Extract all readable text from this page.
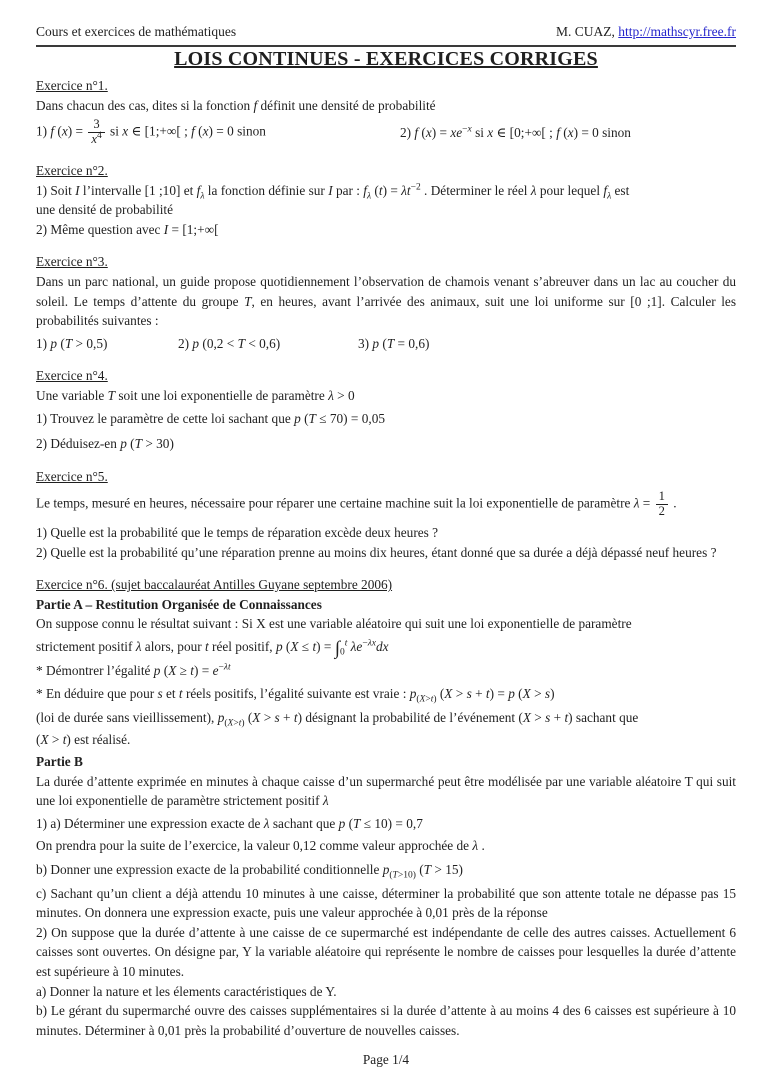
Cours et exercices de mathématiques	M. CUAZ, http://mathscyr.free.fr
LOIS CONTINUES - EXERCICES CORRIGES
Exercice n°1.
Dans chacun des cas, dites si la fonction f définit une densité de probabilité
1) f $(x) = \frac{3}{x^4}$ si x ∈ [1;+∞[ ; f (x) = 0 sinon	2) f $(x) = xe^{-x}$ si x ∈ [0;+∞[ ; f (x) = 0 sinon
Exercice n°2.
1) Soit I l’intervalle [1 ;10] et $f_\lambda$ la fonction définie sur I par : $f_\lambda$ $(t) = \lambda t^{-2}$ . Déterminer le réel λ pour lequel $f_\lambda$ est
une densité de probabilité
2) Même question avec I = [1;+∞[
Exercice n°3.
Dans un parc national, un guide propose quotidiennement l’observation de chamois venant s’abreuver dans un lac au coucher du soleil. Le temps d’attente du groupe T, en heures, avant l’arrivée des animaux, suit une loi uniforme sur [0 ;1]. Calculer les probabilités suivantes :
1) p (T > 0,5)	2) p (0,2 < T < 0,6)	3) p (T = 0,6)
Exercice n°4.
Une variable T soit une loi exponentielle de paramètre λ > 0
1) Trouvez le paramètre de cette loi sachant que p (T ≤ 70) = 0,05
2) Déduisez-en p (T > 30)
Exercice n°5.
Le temps, mesuré en heures, nécessaire pour réparer une certaine machine suit la loi exponentielle de paramètre $\lambda = \frac{1}{2}$ .
1) Quelle est la probabilité que le temps de réparation excède deux heures ?
2) Quelle est la probabilité qu’une réparation prenne au moins dix heures, étant donné que sa durée a déjà dépassé neuf heures ?
Exercice n°6. (sujet baccalauréat Antilles Guyane septembre 2006)
Partie A – Restitution Organisée de Connaissances
On suppose connu le résultat suivant : Si X est une variable aléatoire qui suit une loi exponentielle de paramètre
strictement positif λ alors, pour t réel positif, p $(X \le t) = \int_0^t$ $\lambda e^{-\lambda x}dx$
* Démontrer l’égalité p $(X \ge t) = e^{-\lambda t}$
* En déduire que pour s et t réels positifs, l’égalité suivante est vraie : $p_{(X>t)}$ (X > s + t) = p (X > s)
(loi de durée sans vieillissement), $p_{(X>t)}$ (X > s + t) désignant la probabilité de l’événement (X > s + t) sachant que
(X > t) est réalisé.
Partie B
La durée d’attente exprimée en minutes à chaque caisse d’un supermarché peut être modélisée par une variable aléatoire T qui suit une loi exponentielle de paramètre strictement positif λ
1) a) Déterminer une expression exacte de λ sachant que p (T ≤ 10) = 0,7
On prendra pour la suite de l’exercice, la valeur 0,12 comme valeur approchée de λ .
b) Donner une expression exacte de la probabilité conditionnelle $p_{(T>10)}$ (T > 15)
c) Sachant qu’un client a déjà attendu 10 minutes à une caisse, déterminer la probabilité que son attente totale ne dépasse pas 15 minutes. On donnera une expression exacte, puis une valeur approchée à 0,01 près de la réponse
2) On suppose que la durée d’attente à une caisse de ce supermarché est indépendante de celle des autres caisses. Actuellement 6 caisses sont ouvertes. On désigne par, Y la variable aléatoire qui représente le nombre de caisses pour lesquelles la durée d’attente est supérieure à 10 minutes.
a) Donner la nature et les élements caractéristiques de Y.
b) Le gérant du supermarché ouvre des caisses supplémentaires si la durée d’attente à au moins 4 des 6 caisses est supérieure à 10 minutes. Déterminer à 0,01 près la probabilité d’ouverture de nouvelles caisses.
Page 1/4
